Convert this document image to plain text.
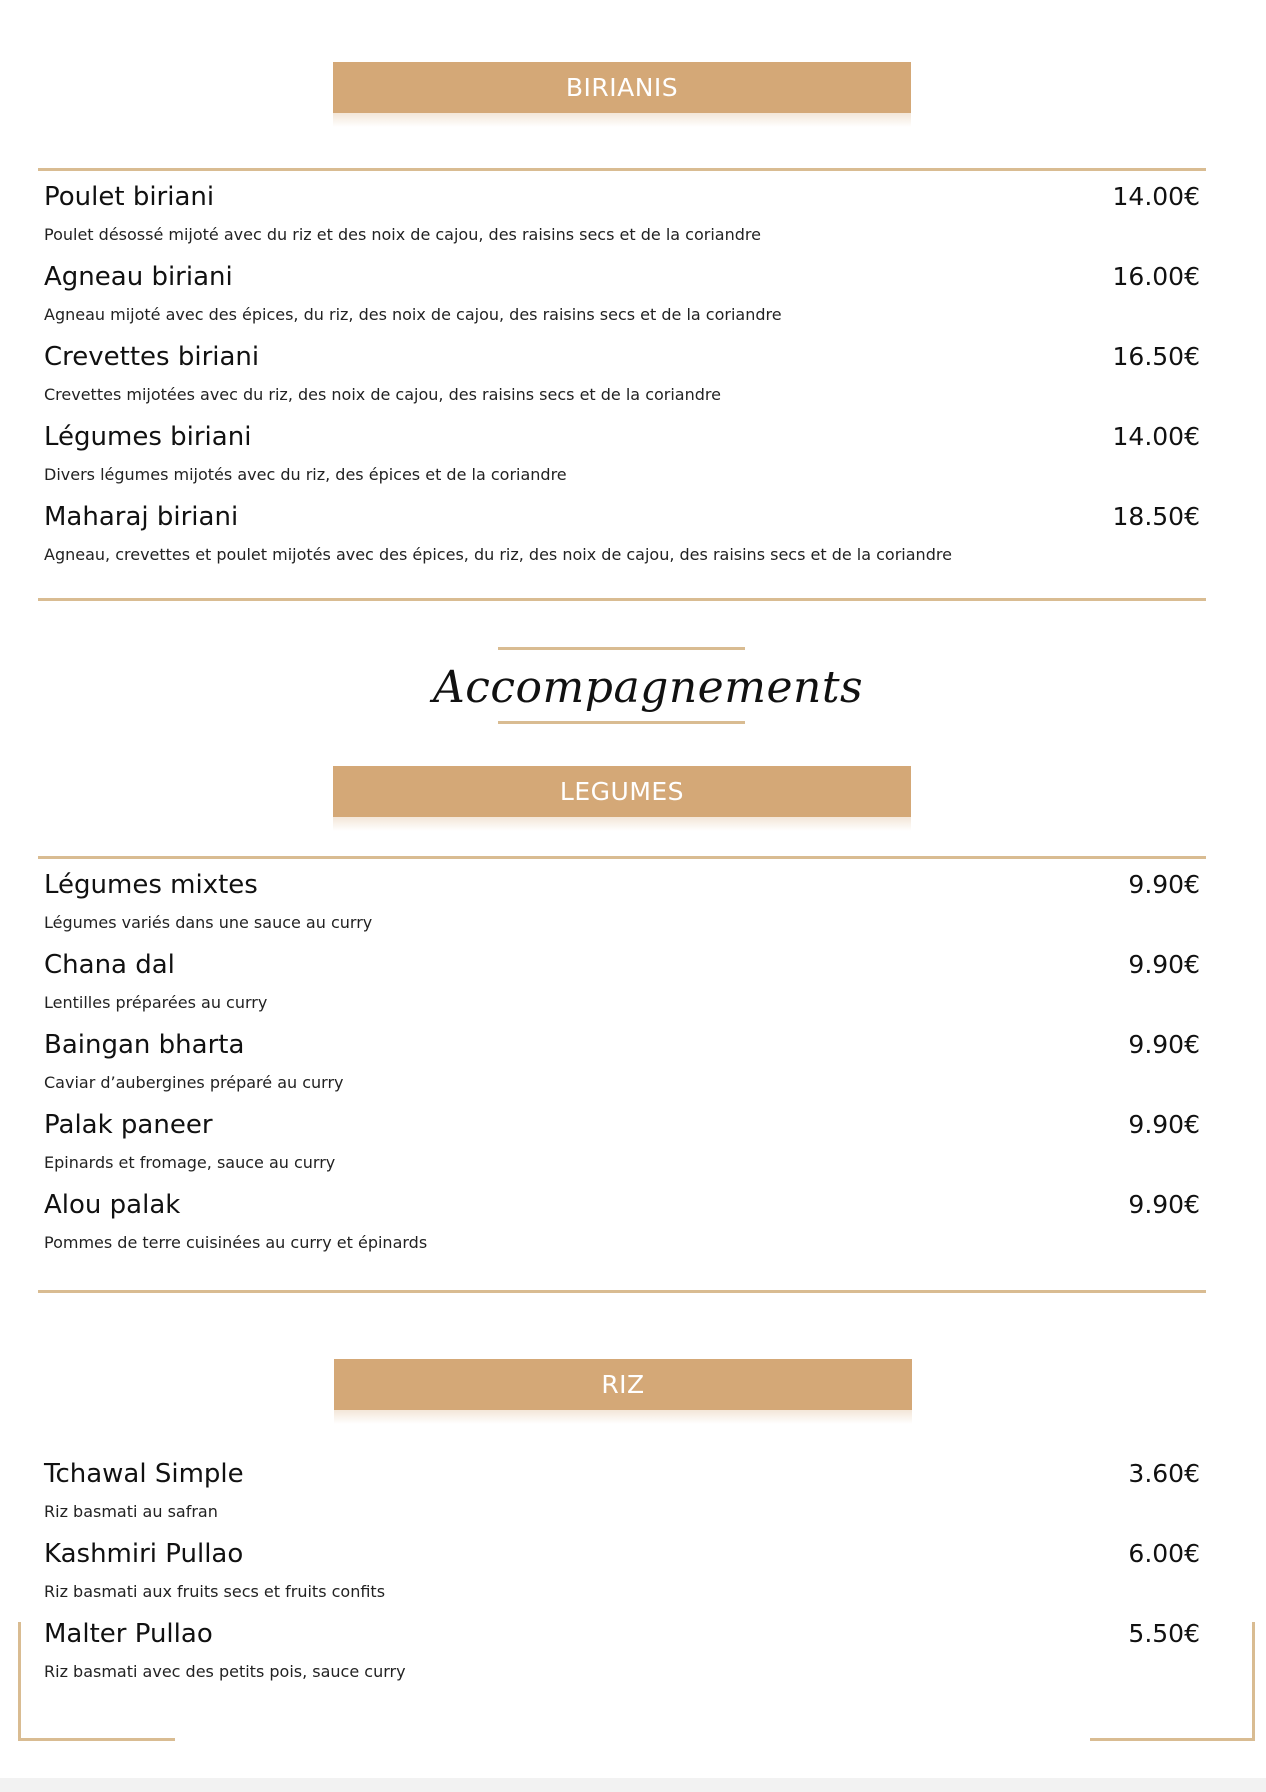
BIRIANIS
Poulet biriani	14.00€
Poulet désossé mijoté avec du riz et des noix de cajou, des raisins secs et de la coriandre
Agneau biriani	16.00€
Agneau mijoté avec des épices, du riz, des noix de cajou, des raisins secs et de la coriandre
Crevettes biriani	16.50€
Crevettes mijotées avec du riz, des noix de cajou, des raisins secs et de la coriandre
Légumes biriani	14.00€
Divers légumes mijotés avec du riz, des épices et de la coriandre
Maharaj biriani	18.50€
Agneau, crevettes et poulet mijotés avec des épices, du riz, des noix de cajou, des raisins secs et de la coriandre
Accompagnements
LEGUMES
Légumes mixtes	9.90€
Légumes variés dans une sauce au curry
Chana dal	9.90€
Lentilles préparées au curry
Baingan bharta	9.90€
Caviar d’aubergines préparé au curry
Palak paneer	9.90€
Epinards et fromage, sauce au curry
Alou palak	9.90€
Pommes de terre cuisinées au curry et épinards
RIZ
Tchawal Simple	3.60€
Riz basmati au safran
Kashmiri Pullao	6.00€
Riz basmati aux fruits secs et fruits confits
Malter Pullao	5.50€
Riz basmati avec des petits pois, sauce curry
